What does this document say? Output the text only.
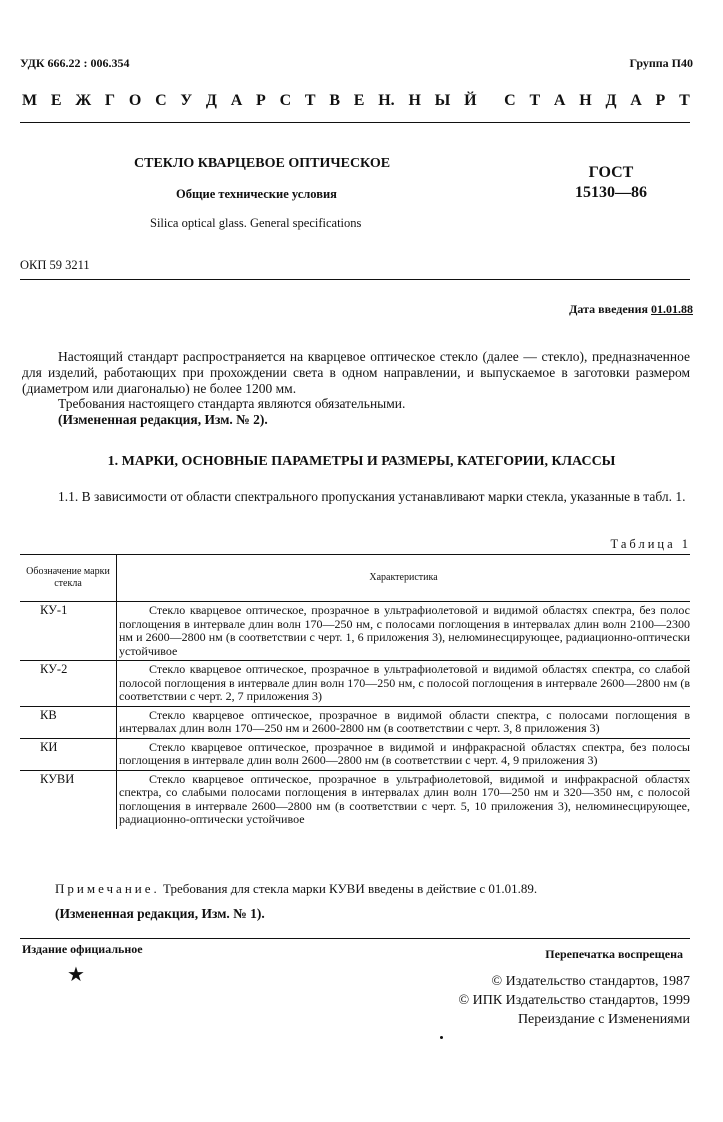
УДК 666.22 : 006.354	Группа П40
М Е Ж Г О С У Д А Р С Т В Е Н. Н Ы Й С Т А Н Д А Р Т
СТЕКЛО КВАРЦЕВОЕ ОПТИЧЕСКОЕ
Общие технические условия
Silica optical glass. General specifications
ГОСТ
15130—86
ОКП 59 3211
Дата введения 01.01.88
Настоящий стандарт распространяется на кварцевое оптическое стекло (далее — стекло), предназначенное для изделий, работающих при прохождении света в одном направлении, и выпускаемое в заготовки размером (диаметром или диагональю) не более 1200 мм.
Требования настоящего стандарта являются обязательными.
(Измененная редакция, Изм. № 2).
1. МАРКИ, ОСНОВНЫЕ ПАРАМЕТРЫ И РАЗМЕРЫ, КАТЕГОРИИ, КЛАССЫ
1.1. В зависимости от области спектрального пропускания устанавливают марки стекла, указанные в табл. 1.
Таблица 1
Обозначение марки стекла	Характеристика
КУ-1	Стекло кварцевое оптическое, прозрачное в ультрафиолетовой и видимой областях спектра, без полос поглощения в интервале длин волн 170—250 нм, с полосами поглощения в интервалах длин волн 2100—2300 нм и 2600—2800 нм (в соответствии с черт. 1, 6 приложения 3), нелюминесцирующее, радиационно-оптически устойчивое
КУ-2	Стекло кварцевое оптическое, прозрачное в ультрафиолетовой и видимой областях спектра, со слабой полосой поглощения в интервале длин волн 170—250 нм, с полосой поглощения в интервале 2600—2800 нм (в соответствии с черт. 2, 7 приложения 3)
КВ	Стекло кварцевое оптическое, прозрачное в видимой области спектра, с полосами поглощения в интервалах длин волн 170—250 нм и 2600-2800 нм (в соответствии с черт. 3, 8 приложения 3)
КИ	Стекло кварцевое оптическое, прозрачное в видимой и инфракрасной областях спектра, без полосы поглощения в интервале длин волн 2600—2800 нм (в соответствии с черт. 4, 9 приложения 3)
КУВИ	Стекло кварцевое оптическое, прозрачное в ультрафиолетовой, видимой и инфракрасной областях спектра, со слабыми полосами поглощения в интервалах длин волн 170—250 нм и 320—350 нм, с полосой поглощения в интервале 2600—2800 нм (в соответствии с черт. 5, 10 приложения 3), нелюминесцирующее, радиационно-оптически устойчивое
Примечание. Требования для стекла марки КУВИ введены в действие с 01.01.89.
(Измененная редакция, Изм. № 1).
Издание официальное	Перепечатка воспрещена
★	© Издательство стандартов, 1987
© ИПК Издательство стандартов, 1999
Переиздание с Изменениями
